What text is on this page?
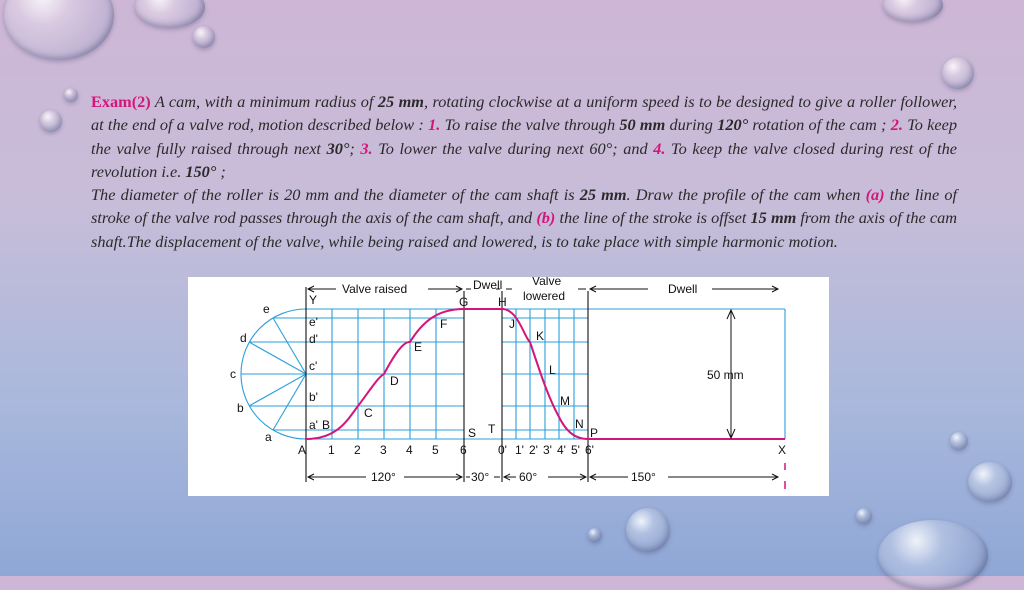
Exam(2) A cam, with a minimum radius of 25 mm, rotating clockwise at a uniform speed is to be designed to give a roller follower, at the end of a valve rod, motion described below : 1. To raise the valve through 50 mm during 120° rotation of the cam ; 2. To keep the valve fully raised through next 30°; 3. To lower the valve during next 60°; and 4. To keep the valve closed during rest of the revolution i.e. 150° ;
The diameter of the roller is 20 mm and the diameter of the cam shaft is 25 mm. Draw the profile of the cam when (a) the line of stroke of the valve rod passes through the axis of the cam shaft, and (b) the line of the stroke is offset 15 mm from the axis of the cam shaft.The displacement of the valve, while being raised and lowered, is to take place with simple harmonic motion.
Valve raised	Dwell Valve
lowered	Dwell
Y	G H
F	J
K
E
L
D
M
C
N
P
B
S T
A	X
e
d
c
b
a
e'
d'
c'
b'
a'
1 2 3 4 5 6	0' 1' 2' 3' 4' 5' 6'
50 mm
120°	30° 60°	150°
